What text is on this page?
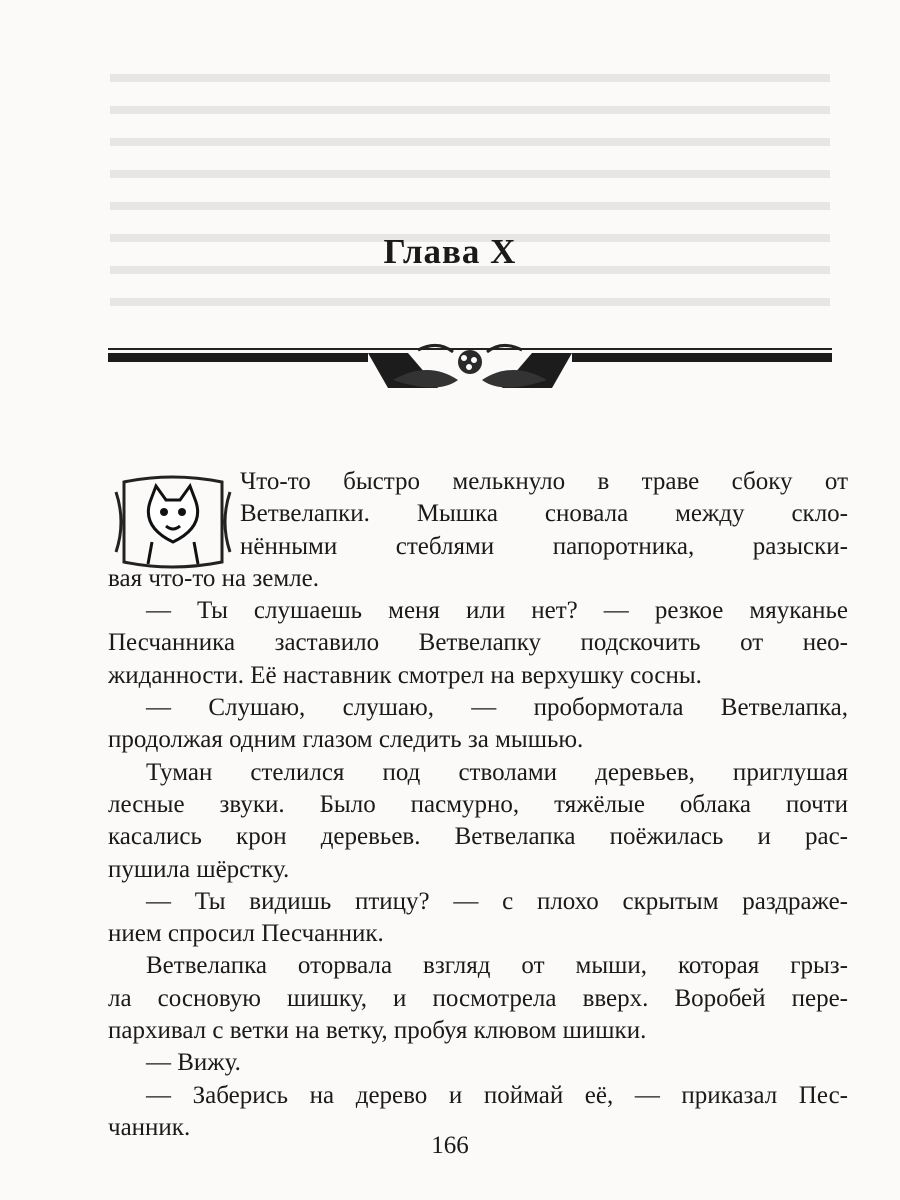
Глава X
Что-то быстро мелькнуло в траве сбоку от
Ветвелапки. Мышка сновала между скло-
нёнными стеблями папоротника, разыски-
вая что-то на земле.
— Ты слушаешь меня или нет? — резкое мяуканье
Песчанника заставило Ветвелапку подскочить от нео-
жиданности. Её наставник смотрел на верхушку сосны.
— Слушаю, слушаю, — пробормотала Ветвелапка,
продолжая одним глазом следить за мышью.
Туман стелился под стволами деревьев, приглушая
лесные звуки. Было пасмурно, тяжёлые облака почти
касались крон деревьев. Ветвелапка поёжилась и рас-
пушила шёрстку.
— Ты видишь птицу? — с плохо скрытым раздраже-
нием спросил Песчанник.
Ветвелапка оторвала взгляд от мыши, которая грыз-
ла сосновую шишку, и посмотрела вверх. Воробей пере-
пархивал с ветки на ветку, пробуя клювом шишки.
— Вижу.
— Заберись на дерево и поймай её, — приказал Пес-
чанник.
166
